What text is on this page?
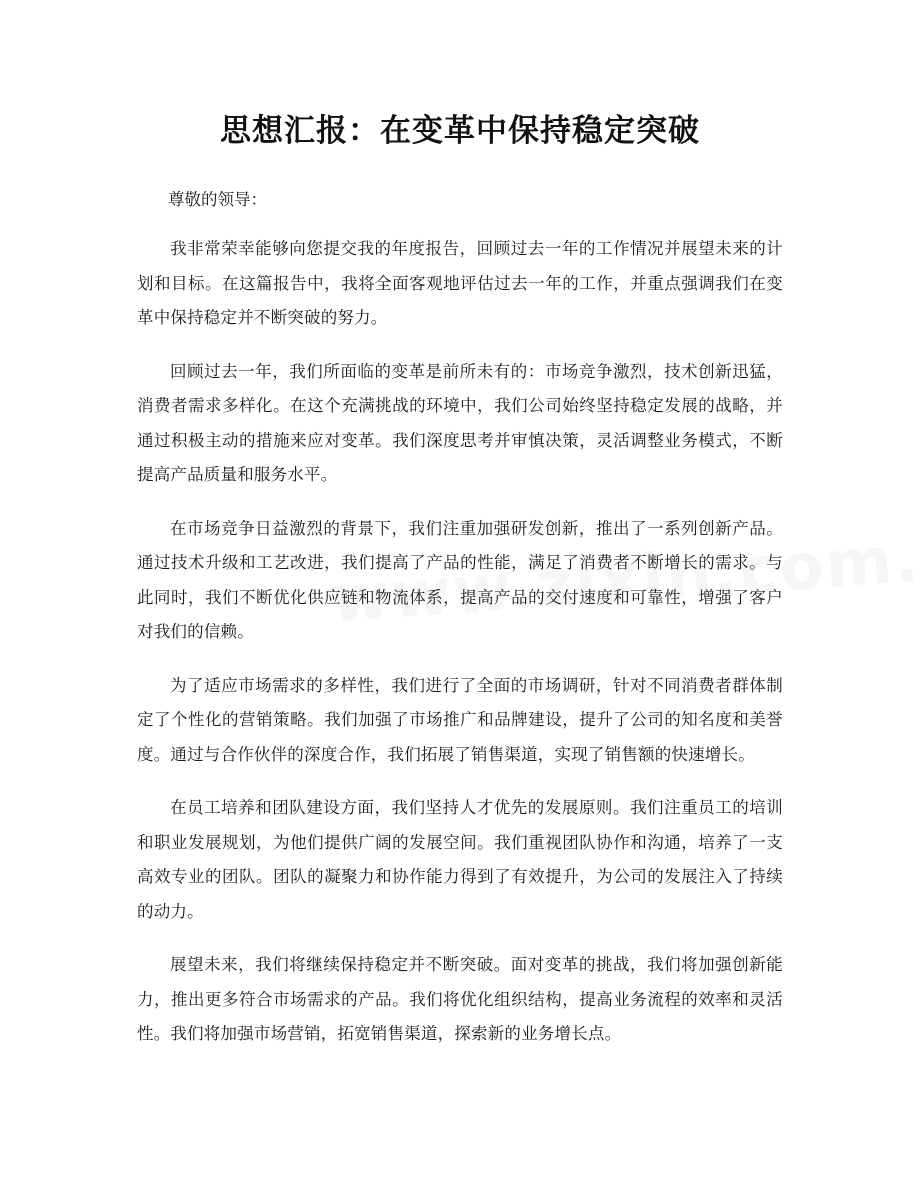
思想汇报：在变革中保持稳定突破

尊敬的领导：

我非常荣幸能够向您提交我的年度报告，回顾过去一年的工作情况并展望未来的计划和目标。在这篇报告中，我将全面客观地评估过去一年的工作，并重点强调我们在变革中保持稳定并不断突破的努力。

回顾过去一年，我们所面临的变革是前所未有的：市场竞争激烈，技术创新迅猛，消费者需求多样化。在这个充满挑战的环境中，我们公司始终坚持稳定发展的战略，并通过积极主动的措施来应对变革。我们深度思考并审慎决策，灵活调整业务模式，不断提高产品质量和服务水平。

在市场竞争日益激烈的背景下，我们注重加强研发创新，推出了一系列创新产品。通过技术升级和工艺改进，我们提高了产品的性能，满足了消费者不断增长的需求。与此同时，我们不断优化供应链和物流体系，提高产品的交付速度和可靠性，增强了客户对我们的信赖。

为了适应市场需求的多样性，我们进行了全面的市场调研，针对不同消费者群体制定了个性化的营销策略。我们加强了市场推广和品牌建设，提升了公司的知名度和美誉度。通过与合作伙伴的深度合作，我们拓展了销售渠道，实现了销售额的快速增长。

在员工培养和团队建设方面，我们坚持人才优先的发展原则。我们注重员工的培训和职业发展规划，为他们提供广阔的发展空间。我们重视团队协作和沟通，培养了一支高效专业的团队。团队的凝聚力和协作能力得到了有效提升，为公司的发展注入了持续的动力。

展望未来，我们将继续保持稳定并不断突破。面对变革的挑战，我们将加强创新能力，推出更多符合市场需求的产品。我们将优化组织结构，提高业务流程的效率和灵活性。我们将加强市场营销，拓宽销售渠道，探索新的业务增长点。
